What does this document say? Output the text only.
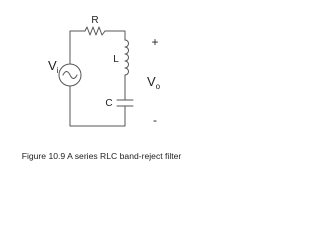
R
L
C
$V_i$
+
$V_o$
-
Figure 10.9 A series RLC band-reject filter
